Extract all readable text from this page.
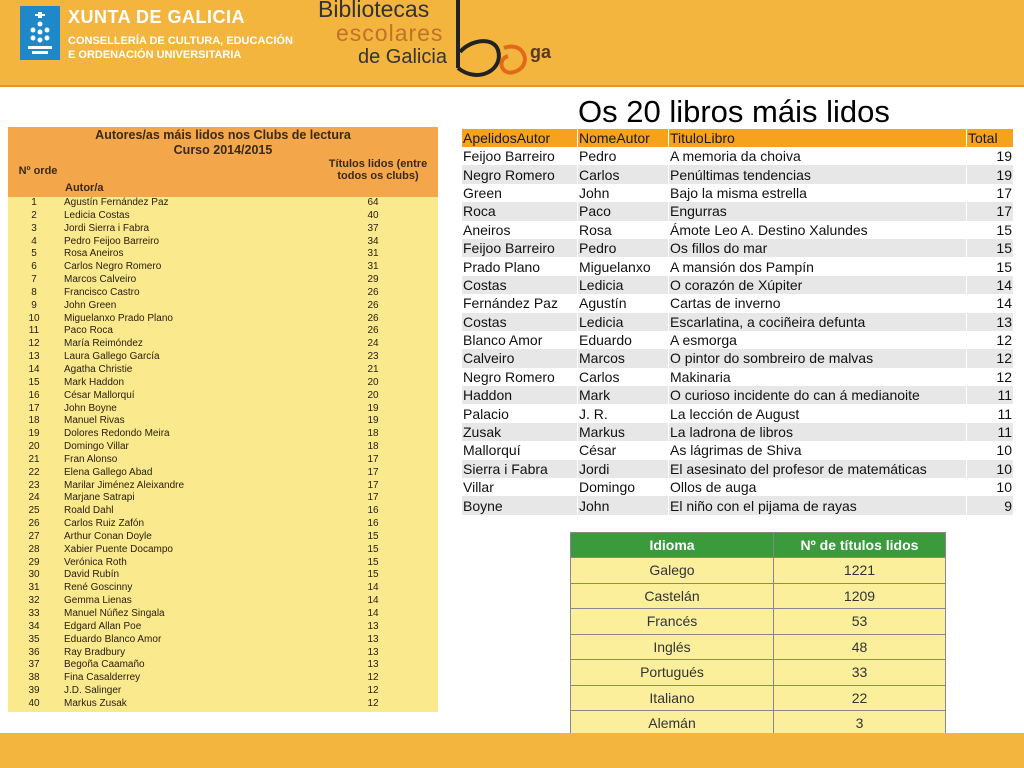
XUNTA DE GALICIA
CONSELLERÍA DE CULTURA, EDUCACIÓN
E ORDENACIÓN UNIVERSITARIA
Bibliotecas
escolares
de Galicia	ga
Os 20 libros máis lidos
Autores/as máis lidos nos Clubs de lectura
Curso 2014/2015
Nº orde
Autor/a
Títulos lidos (entre todos os clubs)
1	Agustín Fernández Paz	64
2	Ledicia Costas	40
3	Jordi Sierra i Fabra	37
4	Pedro Feijoo Barreiro	34
5	Rosa Aneiros	31
6	Carlos Negro Romero	31
7	Marcos Calveiro	29
8	Francisco Castro	26
9	John Green	26
10	Miguelanxo Prado Plano	26
11	Paco Roca	26
12	María Reimóndez	24
13	Laura Gallego García	23
14	Agatha Christie	21
15	Mark Haddon	20
16	César Mallorquí	20
17	John Boyne	19
18	Manuel Rivas	19
19	Dolores Redondo Meira	18
20	Domingo Villar	18
21	Fran Alonso	17
22	Elena Gallego Abad	17
23	Marilar Jiménez Aleixandre	17
24	Marjane Satrapi	17
25	Roald Dahl	16
26	Carlos Ruiz Zafón	16
27	Arthur Conan Doyle	15
28	Xabier Puente Docampo	15
29	Verónica Roth	15
30	David Rubín	15
31	René Goscinny	14
32	Gemma Lienas	14
33	Manuel Núñez Singala	14
34	Edgard Allan Poe	13
35	Eduardo Blanco Amor	13
36	Ray Bradbury	13
37	Begoña Caamaño	13
38	Fina Casalderrey	12
39	J.D. Salinger	12
40	Markus Zusak	12
ApelidosAutor	NomeAutor	TituloLibro	Total
Feijoo Barreiro	Pedro	A memoria da choiva	19
Negro Romero	Carlos	Penúltimas tendencias	19
Green	John	Bajo la misma estrella	17
Roca	Paco	Engurras	17
Aneiros	Rosa	Ámote Leo A. Destino Xalundes	15
Feijoo Barreiro	Pedro	Os fillos do mar	15
Prado Plano	Miguelanxo	A mansión dos Pampín	15
Costas	Ledicia	O corazón de Xúpiter	14
Fernández Paz	Agustín	Cartas de inverno	14
Costas	Ledicia	Escarlatina, a cociñeira defunta	13
Blanco Amor	Eduardo	A esmorga	12
Calveiro	Marcos	O pintor do sombreiro de malvas	12
Negro Romero	Carlos	Makinaria	12
Haddon	Mark	O curioso incidente do can á medianoite	11
Palacio	J. R.	La lección de August	11
Zusak	Markus	La ladrona de libros	11
Mallorquí	César	As lágrimas de Shiva	10
Sierra i Fabra	Jordi	El asesinato del profesor de matemáticas	10
Villar	Domingo	Ollos de auga	10
Boyne	John	El niño con el pijama de rayas	9
Idioma	Nº de títulos lidos
Galego	1221
Castelán	1209
Francés	53
Inglés	48
Portugués	33
Italiano	22
Alemán	3
